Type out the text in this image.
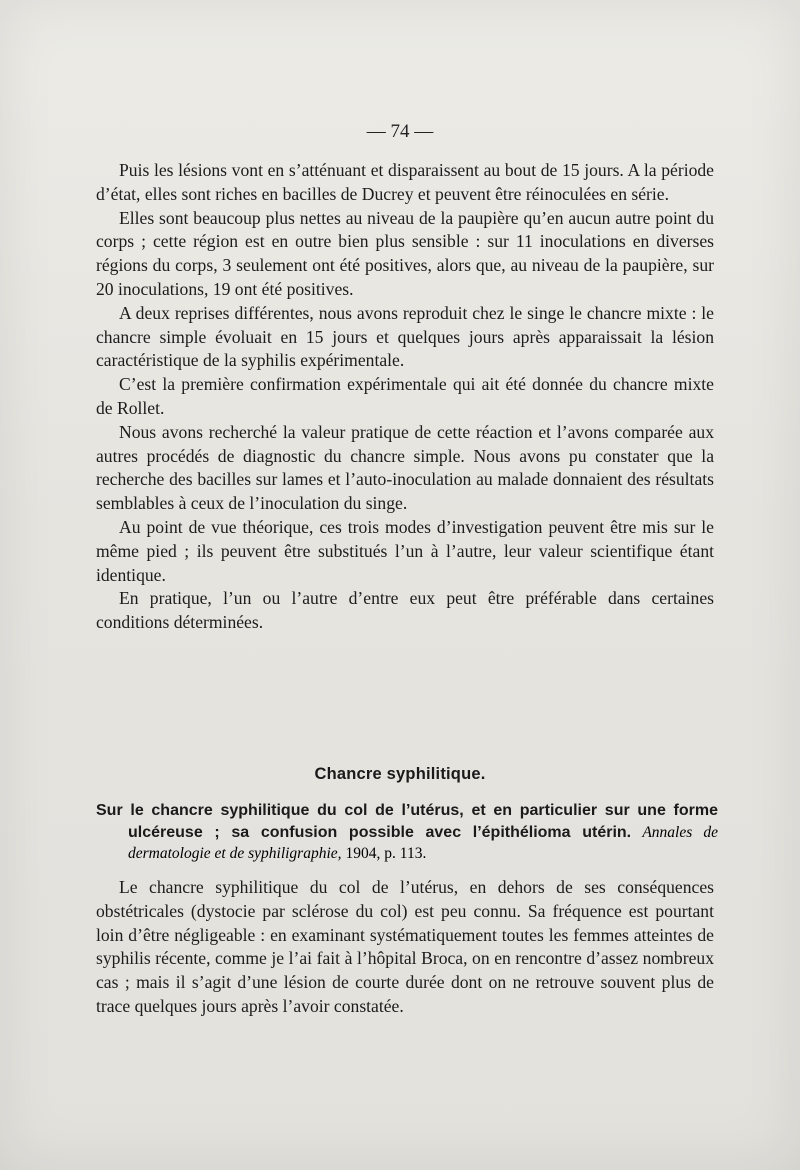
— 74 —

Puis les lésions vont en s’atténuant et disparaissent au bout de 15 jours. A la période d’état, elles sont riches en bacilles de Ducrey et peuvent être réinoculées en série.

Elles sont beaucoup plus nettes au niveau de la paupière qu’en aucun autre point du corps ; cette région est en outre bien plus sensible : sur 11 inoculations en diverses régions du corps, 3 seulement ont été positives, alors que, au niveau de la paupière, sur 20 inoculations, 19 ont été positives.

A deux reprises différentes, nous avons reproduit chez le singe le chancre mixte : le chancre simple évoluait en 15 jours et quelques jours après apparaissait la lésion caractéristique de la syphilis expérimentale.

C’est la première confirmation expérimentale qui ait été donnée du chancre mixte de Rollet.

Nous avons recherché la valeur pratique de cette réaction et l’avons comparée aux autres procédés de diagnostic du chancre simple. Nous avons pu constater que la recherche des bacilles sur lames et l’auto-inoculation au malade donnaient des résultats semblables à ceux de l’inoculation du singe.

Au point de vue théorique, ces trois modes d’investigation peuvent être mis sur le même pied ; ils peuvent être substitués l’un à l’autre, leur valeur scientifique étant identique.

En pratique, l’un ou l’autre d’entre eux peut être préférable dans certaines conditions déterminées.

Chancre syphilitique.
Sur le chancre syphilitique du col de l’utérus, et en particulier sur une forme ulcéreuse ; sa confusion possible avec l’épithélioma utérin. Annales de dermatologie et de syphiligraphie, 1904, p. 113.

Le chancre syphilitique du col de l’utérus, en dehors de ses conséquences obstétricales (dystocie par sclérose du col) est peu connu. Sa fréquence est pourtant loin d’être négligeable : en examinant systématiquement toutes les femmes atteintes de syphilis récente, comme je l’ai fait à l’hôpital Broca, on en rencontre d’assez nombreux cas ; mais il s’agit d’une lésion de courte durée dont on ne retrouve souvent plus de trace quelques jours après l’avoir constatée.
